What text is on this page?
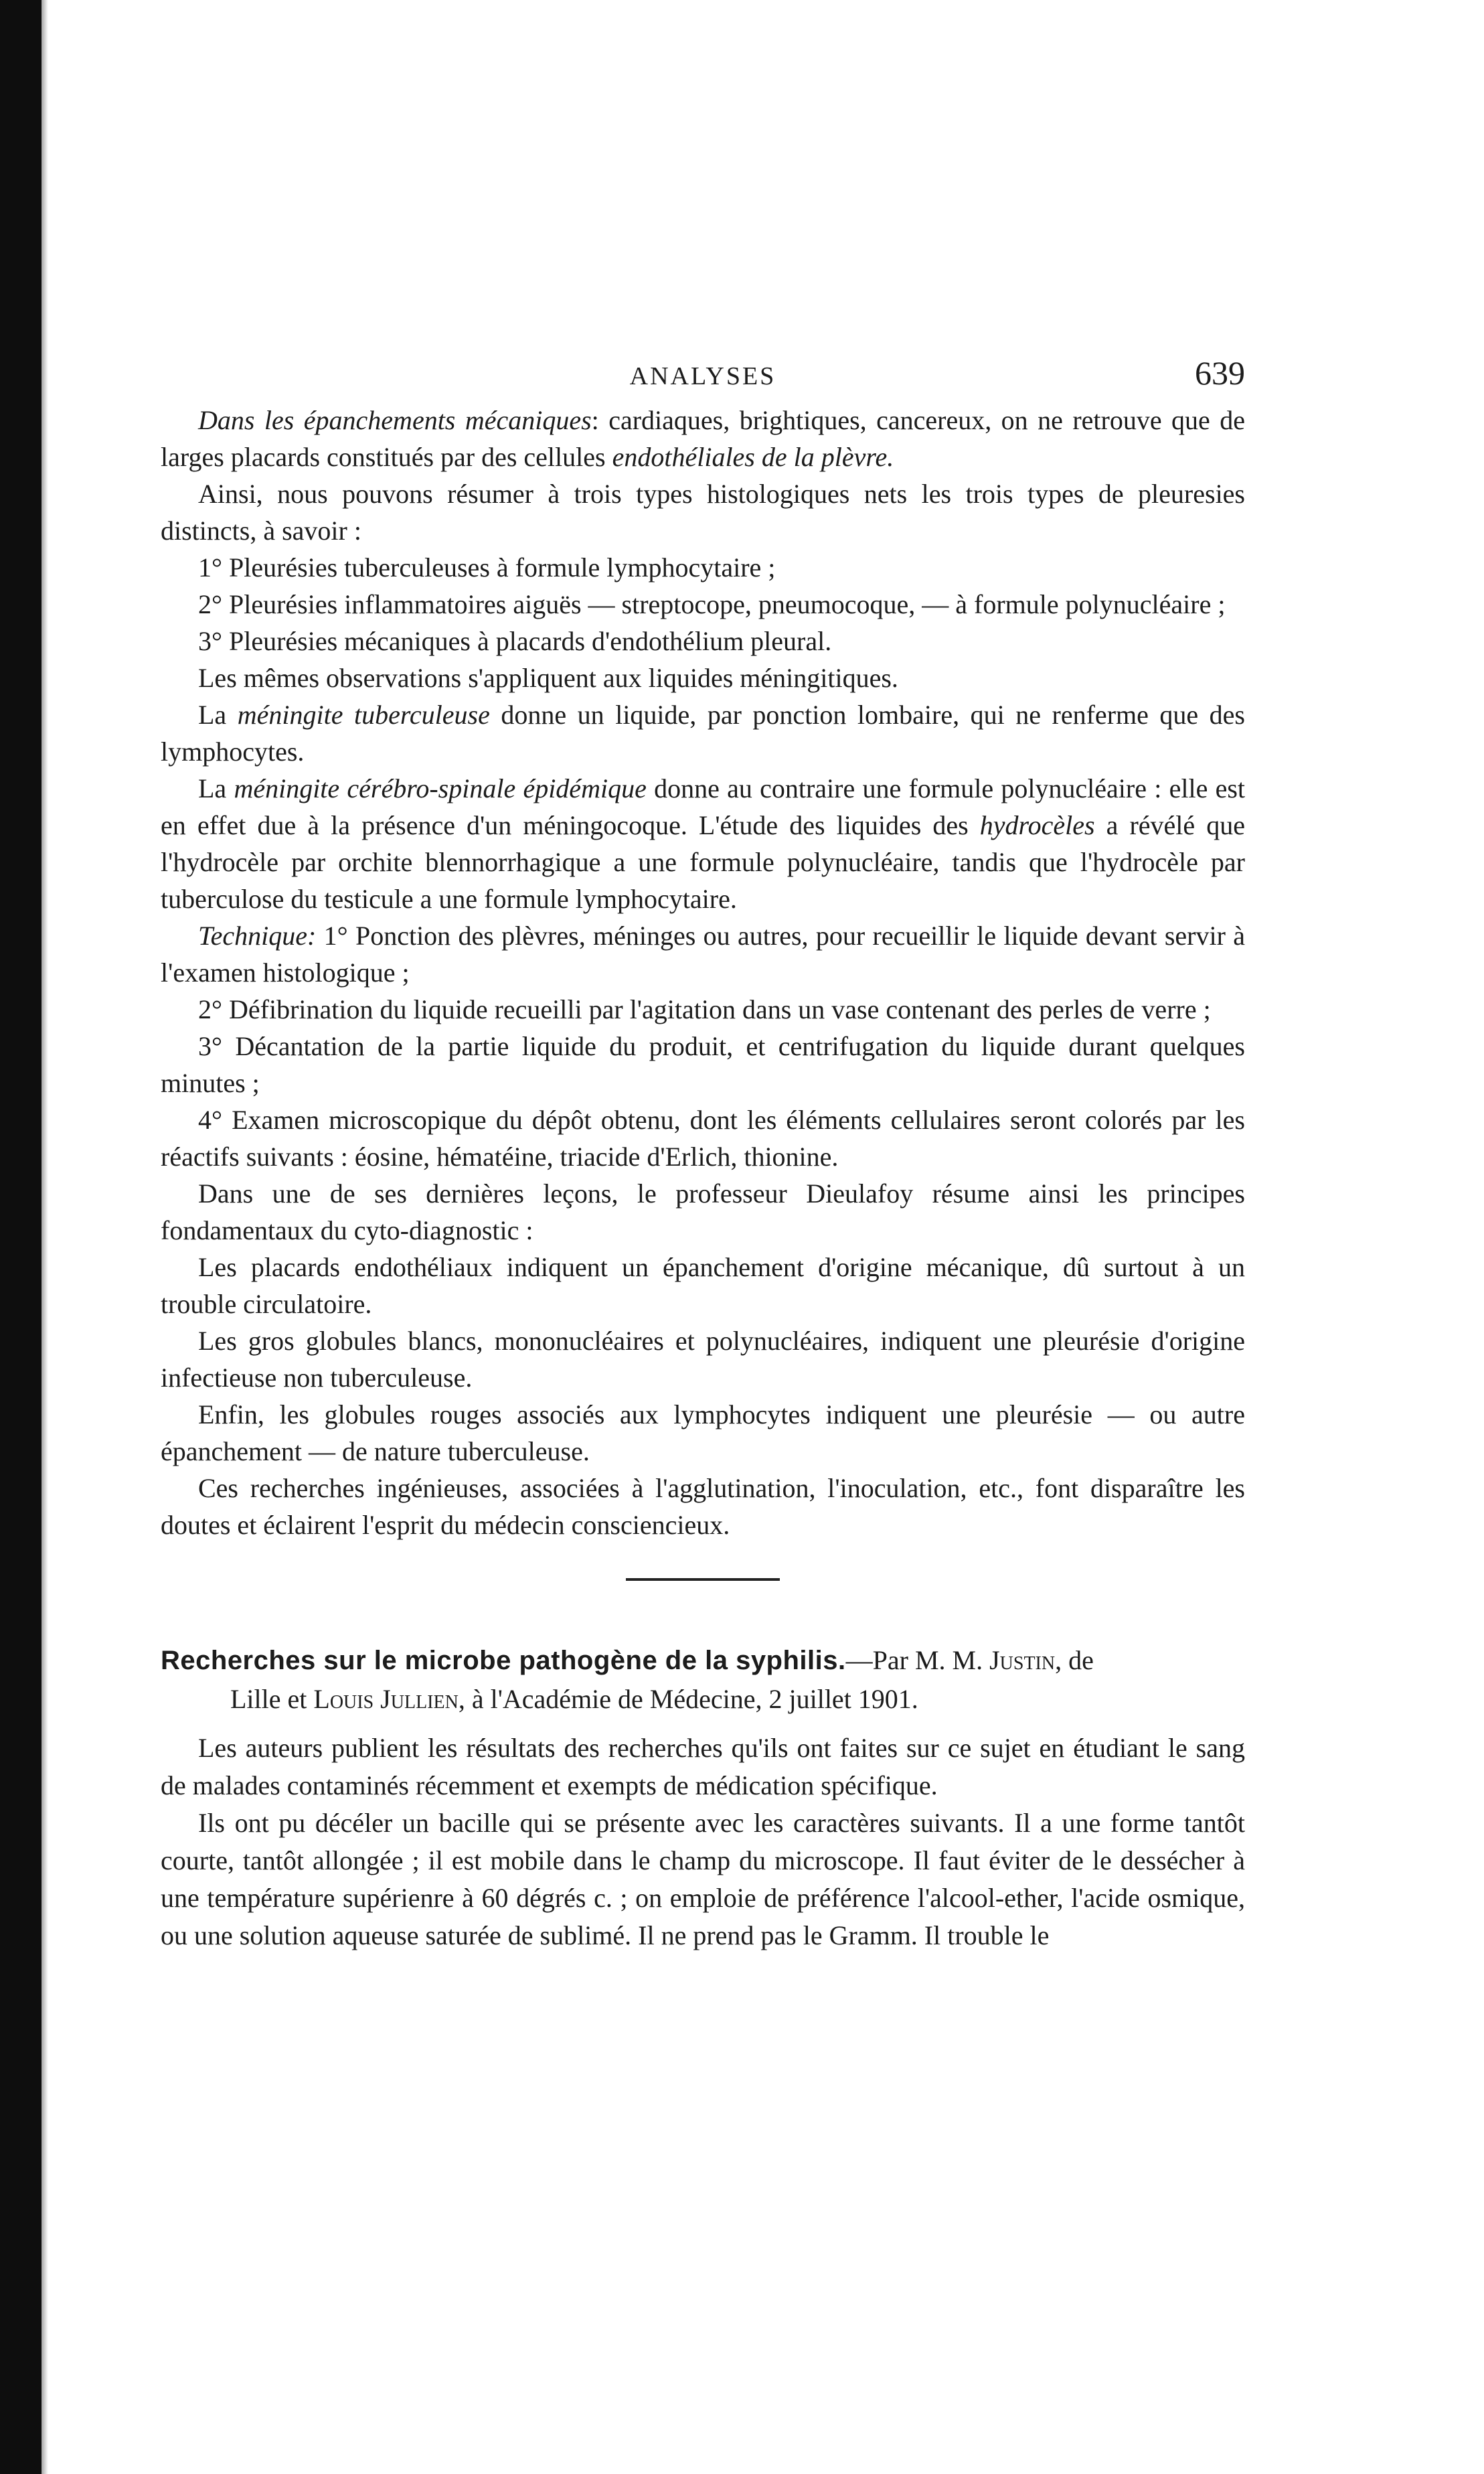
ANALYSES	639

Dans les épanchements mécaniques: cardiaques, brightiques, cancereux, on ne retrouve que de larges placards constitués par des cellules endothéliales de la plèvre.

Ainsi, nous pouvons résumer à trois types histologiques nets les trois types de pleuresies distincts, à savoir :

1° Pleurésies tuberculeuses à formule lymphocytaire ;

2° Pleurésies inflammatoires aiguës — streptocope, pneumocoque, — à formule polynucléaire ;

3° Pleurésies mécaniques à placards d'endothélium pleural.

Les mêmes observations s'appliquent aux liquides méningitiques.

La méningite tuberculeuse donne un liquide, par ponction lombaire, qui ne renferme que des lymphocytes.

La méningite cérébro-spinale épidémique donne au contraire une formule polynucléaire : elle est en effet due à la présence d'un méningocoque. L'étude des liquides des hydrocèles a révélé que l'hydrocèle par orchite blennorrhagique a une formule polynucléaire, tandis que l'hydrocèle par tuberculose du testicule a une formule lymphocytaire.

Technique: 1° Ponction des plèvres, méninges ou autres, pour recueillir le liquide devant servir à l'examen histologique ;

2° Défibrination du liquide recueilli par l'agitation dans un vase contenant des perles de verre ;

3° Décantation de la partie liquide du produit, et centrifugation du liquide durant quelques minutes ;

4° Examen microscopique du dépôt obtenu, dont les éléments cellulaires seront colorés par les réactifs suivants : éosine, hématéine, triacide d'Erlich, thionine.

Dans une de ses dernières leçons, le professeur Dieulafoy résume ainsi les principes fondamentaux du cyto-diagnostic :

Les placards endothéliaux indiquent un épanchement d'origine mécanique, dû surtout à un trouble circulatoire.

Les gros globules blancs, mononucléaires et polynucléaires, indiquent une pleurésie d'origine infectieuse non tuberculeuse.

Enfin, les globules rouges associés aux lymphocytes indiquent une pleurésie — ou autre épanchement — de nature tuberculeuse.

Ces recherches ingénieuses, associées à l'agglutination, l'inoculation, etc., font disparaître les doutes et éclairent l'esprit du médecin consciencieux.

Recherches sur le microbe pathogène de la syphilis.—Par M. M. Justin, de
Lille et Louis Jullien, à l'Académie de Médecine, 2 juillet 1901.

Les auteurs publient les résultats des recherches qu'ils ont faites sur ce sujet en étudiant le sang de malades contaminés récemment et exempts de médication spécifique.

Ils ont pu décéler un bacille qui se présente avec les caractères suivants. Il a une forme tantôt courte, tantôt allongée ; il est mobile dans le champ du microscope. Il faut éviter de le dessécher à une température supérienre à 60 dégrés c. ; on emploie de préférence l'alcool-ether, l'acide osmique, ou une solution aqueuse saturée de sublimé. Il ne prend pas le Gramm. Il trouble le
